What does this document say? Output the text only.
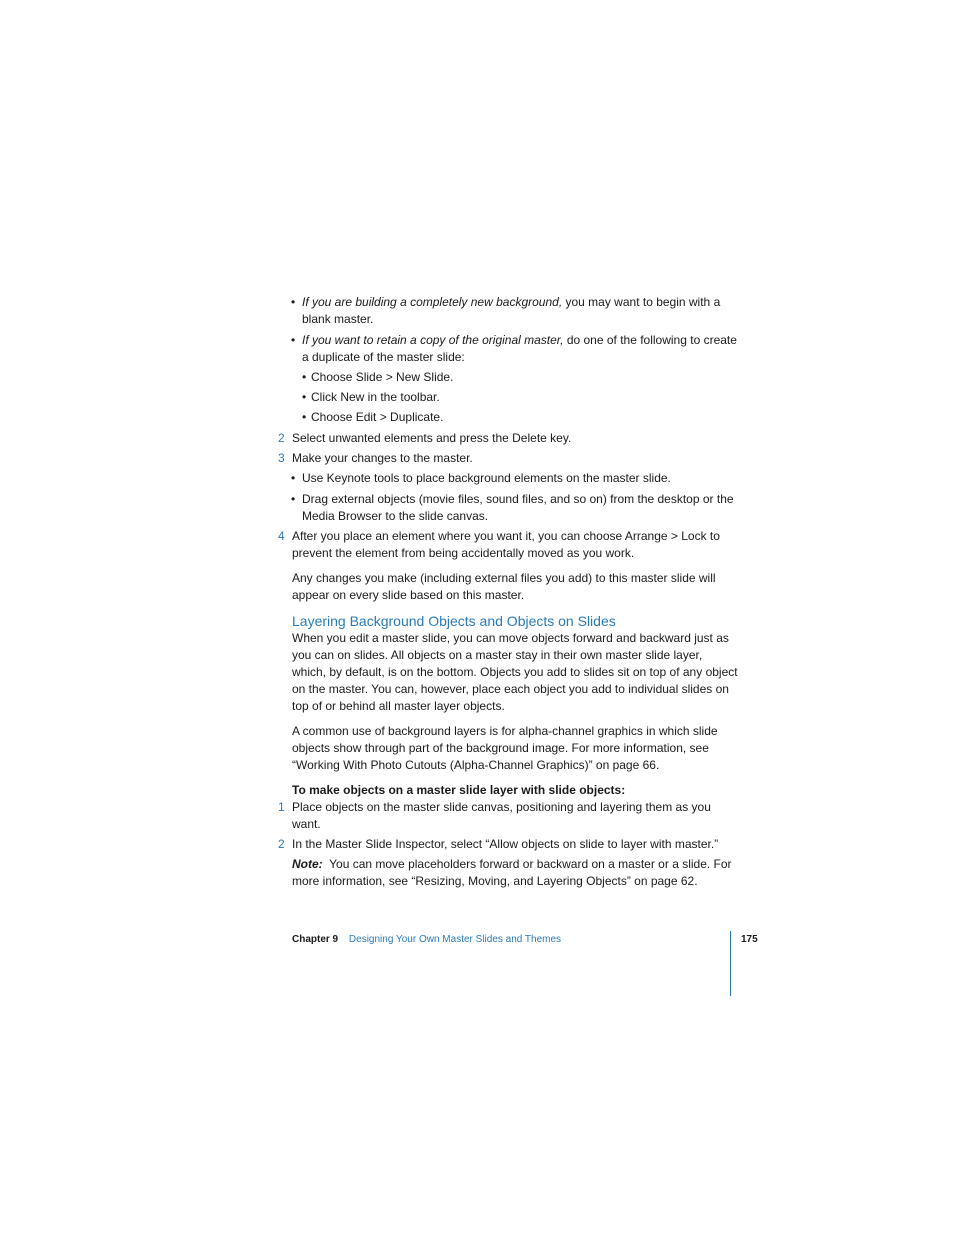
• If you are building a completely new background, you may want to begin with a blank master.
• If you want to retain a copy of the original master, do one of the following to create a duplicate of the master slide:
• Choose Slide > New Slide.
• Click New in the toolbar.
• Choose Edit > Duplicate.
2 Select unwanted elements and press the Delete key.
3 Make your changes to the master.
• Use Keynote tools to place background elements on the master slide.
• Drag external objects (movie files, sound files, and so on) from the desktop or the Media Browser to the slide canvas.
4 After you place an element where you want it, you can choose Arrange > Lock to prevent the element from being accidentally moved as you work.
Any changes you make (including external files you add) to this master slide will appear on every slide based on this master.
Layering Background Objects and Objects on Slides
When you edit a master slide, you can move objects forward and backward just as you can on slides. All objects on a master stay in their own master slide layer, which, by default, is on the bottom. Objects you add to slides sit on top of any object on the master. You can, however, place each object you add to individual slides on top of or behind all master layer objects.
A common use of background layers is for alpha-channel graphics in which slide objects show through part of the background image. For more information, see “Working With Photo Cutouts (Alpha-Channel Graphics)” on page 66.
To make objects on a master slide layer with slide objects:
1 Place objects on the master slide canvas, positioning and layering them as you want.
2 In the Master Slide Inspector, select “Allow objects on slide to layer with master.”
Note:  You can move placeholders forward or backward on a master or a slide. For more information, see “Resizing, Moving, and Layering Objects” on page 62.
Chapter 9 Designing Your Own Master Slides and Themes	175
